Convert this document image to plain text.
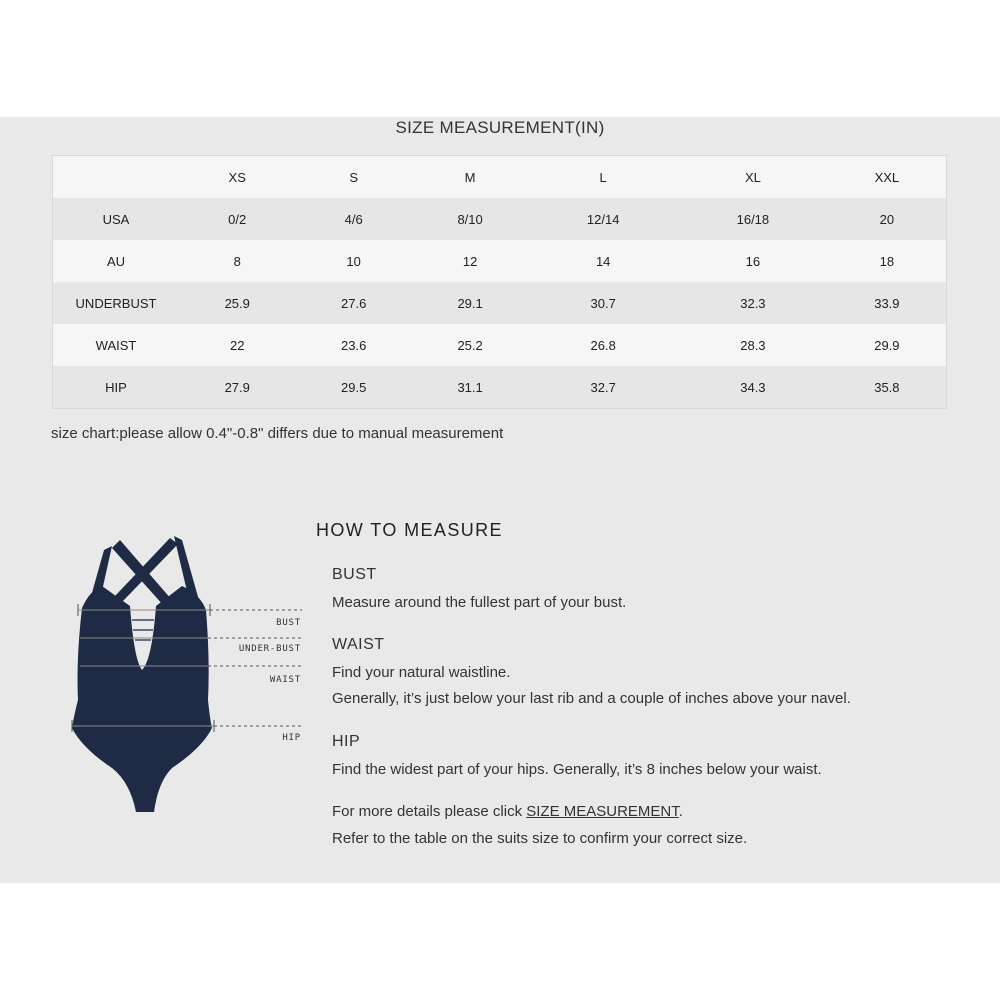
SIZE MEASUREMENT(IN)
	XS	S	M	L	XL	XXL
USA	0/2	4/6	8/10	12/14	16/18	20
AU	8	10	12	14	16	18
UNDERBUST	25.9	27.6	29.1	30.7	32.3	33.9
WAIST	22	23.6	25.2	26.8	28.3	29.9
HIP	27.9	29.5	31.1	32.7	34.3	35.8
size chart:please allow 0.4"-0.8" differs due to manual measurement
BUST
UNDER-BUST
WAIST
HIP
HOW TO MEASURE
BUST
Measure around the fullest part of your bust.
WAIST
Find your natural waistline.
Generally, it’s just below your last rib and a couple of inches above your navel.
HIP
Find the widest part of your hips. Generally, it’s 8 inches below your waist.
For more details please click SIZE MEASUREMENT.
Refer to the table on the suits size to confirm your correct size.
